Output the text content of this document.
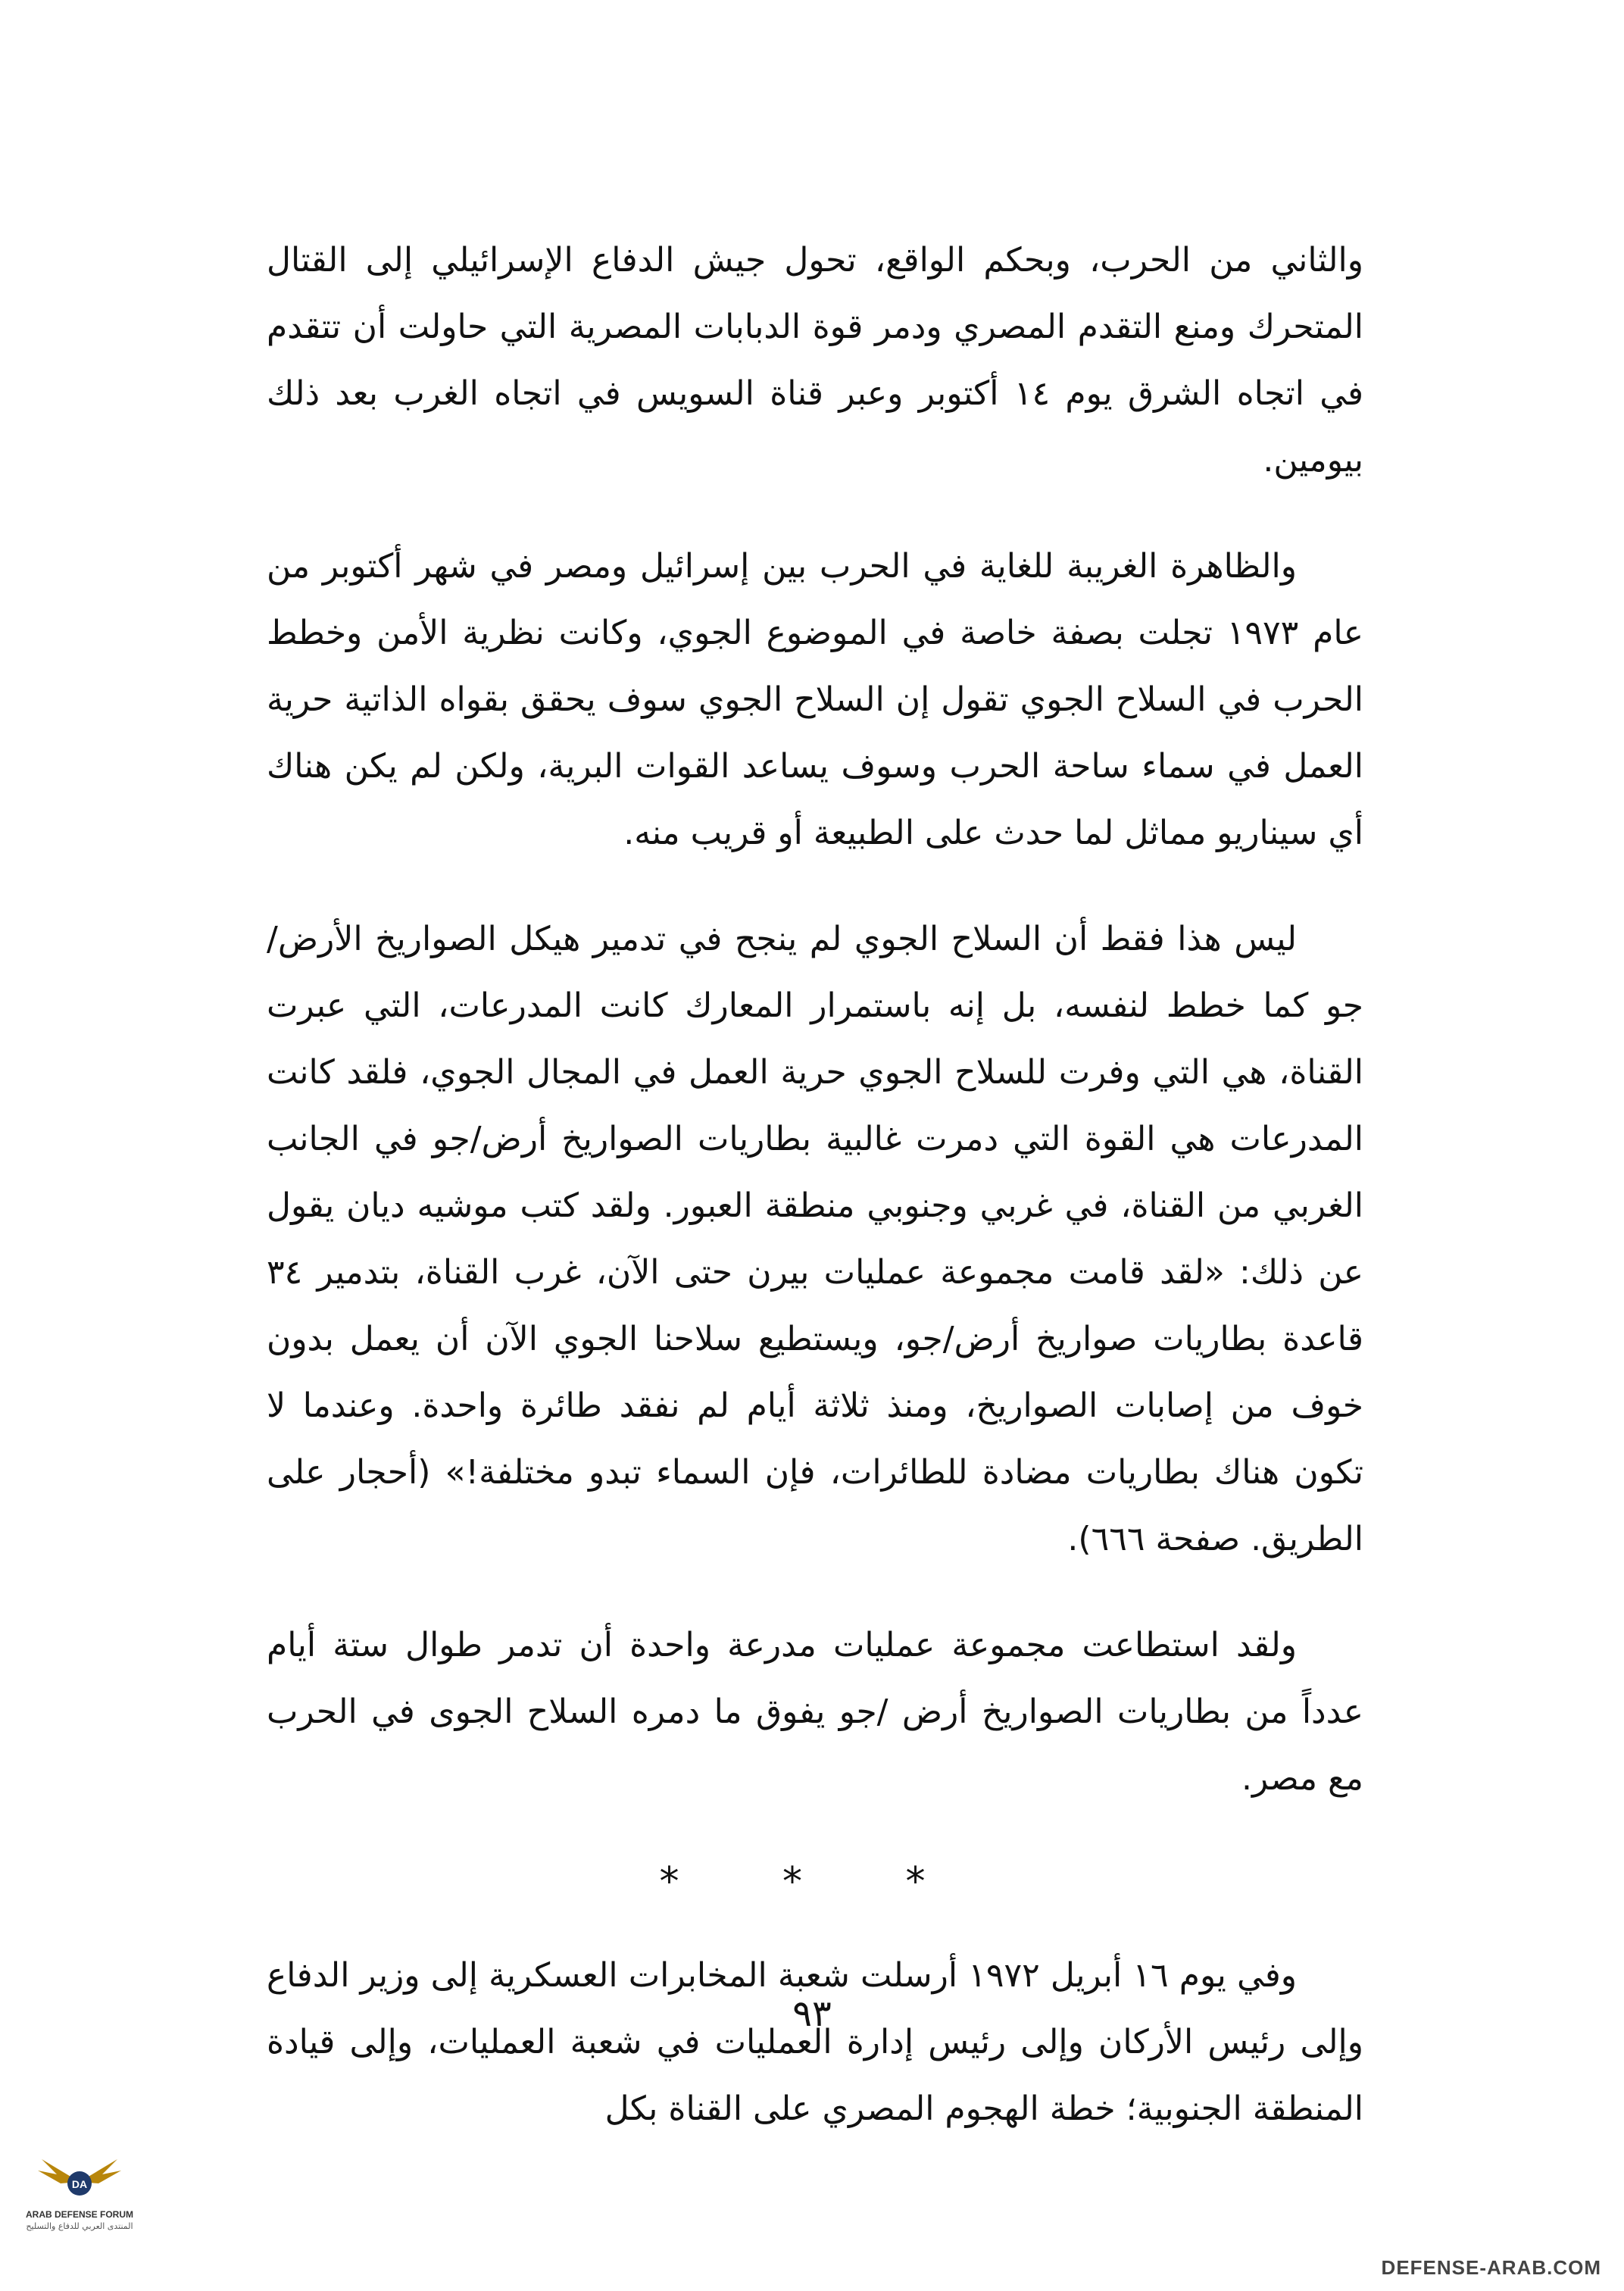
والثاني من الحرب، وبحكم الواقع، تحول جيش الدفاع الإسرائيلي إلى القتال المتحرك ومنع التقدم المصري ودمر قوة الدبابات المصرية التي حاولت أن تتقدم في اتجاه الشرق يوم ١٤ أكتوبر وعبر قناة السويس في اتجاه الغرب بعد ذلك بيومين.

والظاهرة الغريبة للغاية في الحرب بين إسرائيل ومصر في شهر أكتوبر من عام ١٩٧٣ تجلت بصفة خاصة في الموضوع الجوي، وكانت نظرية الأمن وخطط الحرب في السلاح الجوي تقول إن السلاح الجوي سوف يحقق بقواه الذاتية حرية العمل في سماء ساحة الحرب وسوف يساعد القوات البرية، ولكن لم يكن هناك أي سيناريو مماثل لما حدث على الطبيعة أو قريب منه.

ليس هذا فقط أن السلاح الجوي لم ينجح في تدمير هيكل الصواريخ الأرض/جو كما خطط لنفسه، بل إنه باستمرار المعارك كانت المدرعات، التي عبرت القناة، هي التي وفرت للسلاح الجوي حرية العمل في المجال الجوي، فلقد كانت المدرعات هي القوة التي دمرت غالبية بطاريات الصواريخ أرض/جو في الجانب الغربي من القناة، في غربي وجنوبي منطقة العبور. ولقد كتب موشيه ديان يقول عن ذلك: «لقد قامت مجموعة عمليات بيرن حتى الآن، غرب القناة، بتدمير ٣٤ قاعدة بطاريات صواريخ أرض/جو، ويستطيع سلاحنا الجوي الآن أن يعمل بدون خوف من إصابات الصواريخ، ومنذ ثلاثة أيام لم نفقد طائرة واحدة. وعندما لا تكون هناك بطاريات مضادة للطائرات، فإن السماء تبدو مختلفة!» (أحجار على الطريق. صفحة ٦٦٦).

ولقد استطاعت مجموعة عمليات مدرعة واحدة أن تدمر طوال ستة أيام عدداً من بطاريات الصواريخ أرض /جو يفوق ما دمره السلاح الجوى في الحرب مع مصر.

* * *

وفي يوم ١٦ أبريل ١٩٧٢ أرسلت شعبة المخابرات العسكرية إلى وزير الدفاع وإلى رئيس الأركان وإلى رئيس إدارة العمليات في شعبة العمليات، وإلى قيادة المنطقة الجنوبية؛ خطة الهجوم المصري على القناة بكل

٩٣
DA
ARAB DEFENSE FORUM
المنتدى العربي للدفاع والتسليح
DEFENSE-ARAB.COM
